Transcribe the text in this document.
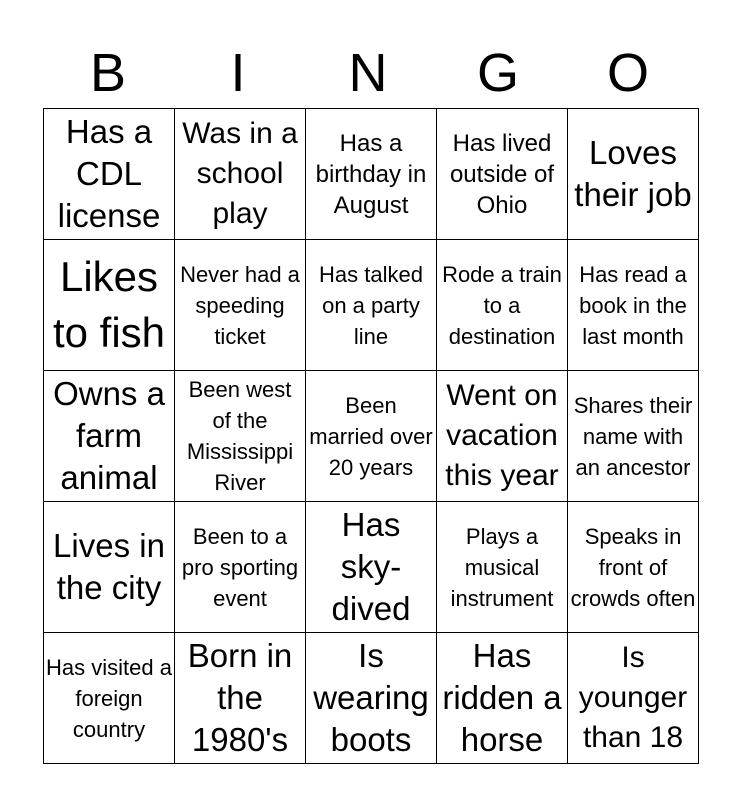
B	I	N	G	O
Has a CDL license	Was in a school play	Has a birthday in August	Has lived outside of Ohio	Loves their job

Likes to fish	Never had a speeding ticket	Has talked on a party line	Rode a train to a destination	Has read a book in the last month

Owns a farm animal	Been west of the Mississippi River	Been married over 20 years	Went on vacation this year	Shares their name with an ancestor

Lives in the city	Been to a pro sporting event	Has sky-dived	Plays a musical instrument	Speaks in front of crowds often

Has visited a foreign country	Born in the 1980's	Is wearing boots	Has ridden a horse	Is younger than 18
